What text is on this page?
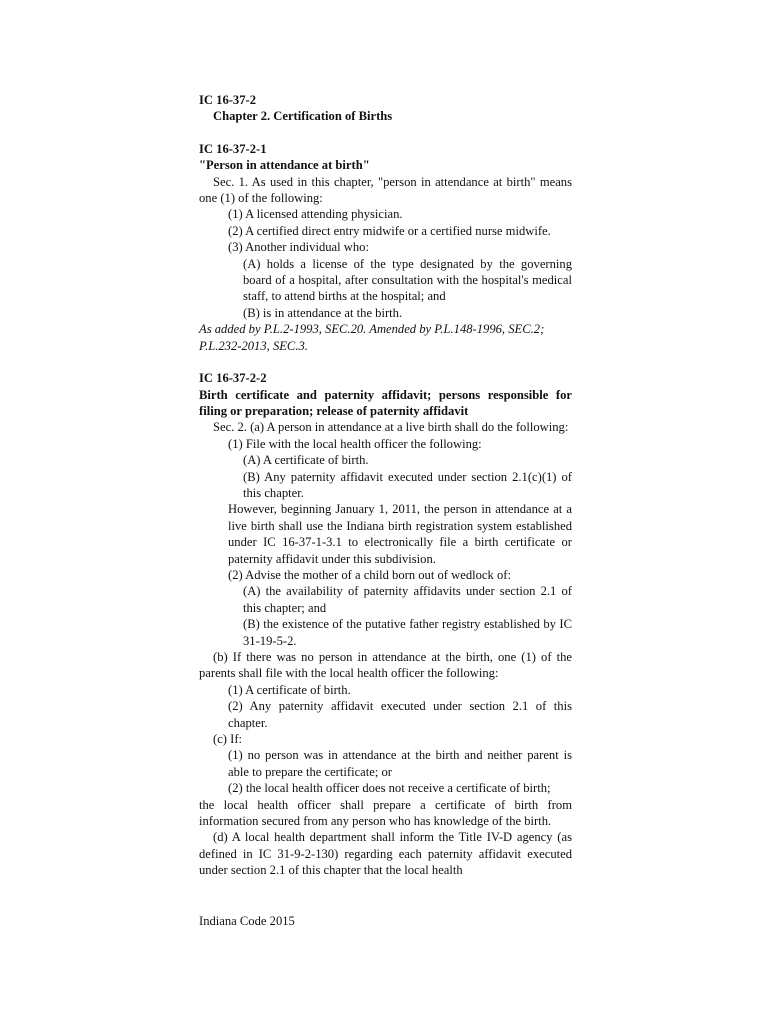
IC 16-37-2

Chapter 2. Certification of Births

IC 16-37-2-1

"Person in attendance at birth"

Sec. 1. As used in this chapter, "person in attendance at birth" means one (1) of the following:

(1) A licensed attending physician.

(2) A certified direct entry midwife or a certified nurse midwife.

(3) Another individual who:

(A) holds a license of the type designated by the governing board of a hospital, after consultation with the hospital's medical staff, to attend births at the hospital; and

(B) is in attendance at the birth.

As added by P.L.2-1993, SEC.20. Amended by P.L.148-1996, SEC.2; P.L.232-2013, SEC.3.

IC 16-37-2-2

Birth certificate and paternity affidavit; persons responsible for filing or preparation; release of paternity affidavit

Sec. 2. (a) A person in attendance at a live birth shall do the following:

(1) File with the local health officer the following:

(A) A certificate of birth.

(B) Any paternity affidavit executed under section 2.1(c)(1) of this chapter.

However, beginning January 1, 2011, the person in attendance at a live birth shall use the Indiana birth registration system established under IC 16-37-1-3.1 to electronically file a birth certificate or paternity affidavit under this subdivision.

(2) Advise the mother of a child born out of wedlock of:

(A) the availability of paternity affidavits under section 2.1 of this chapter; and

(B) the existence of the putative father registry established by IC 31-19-5-2.

(b) If there was no person in attendance at the birth, one (1) of the parents shall file with the local health officer the following:

(1) A certificate of birth.

(2) Any paternity affidavit executed under section 2.1 of this chapter.

(c) If:

(1) no person was in attendance at the birth and neither parent is able to prepare the certificate; or

(2) the local health officer does not receive a certificate of birth;

the local health officer shall prepare a certificate of birth from information secured from any person who has knowledge of the birth.

(d) A local health department shall inform the Title IV-D agency (as defined in IC 31-9-2-130) regarding each paternity affidavit executed under section 2.1 of this chapter that the local health

Indiana Code 2015
